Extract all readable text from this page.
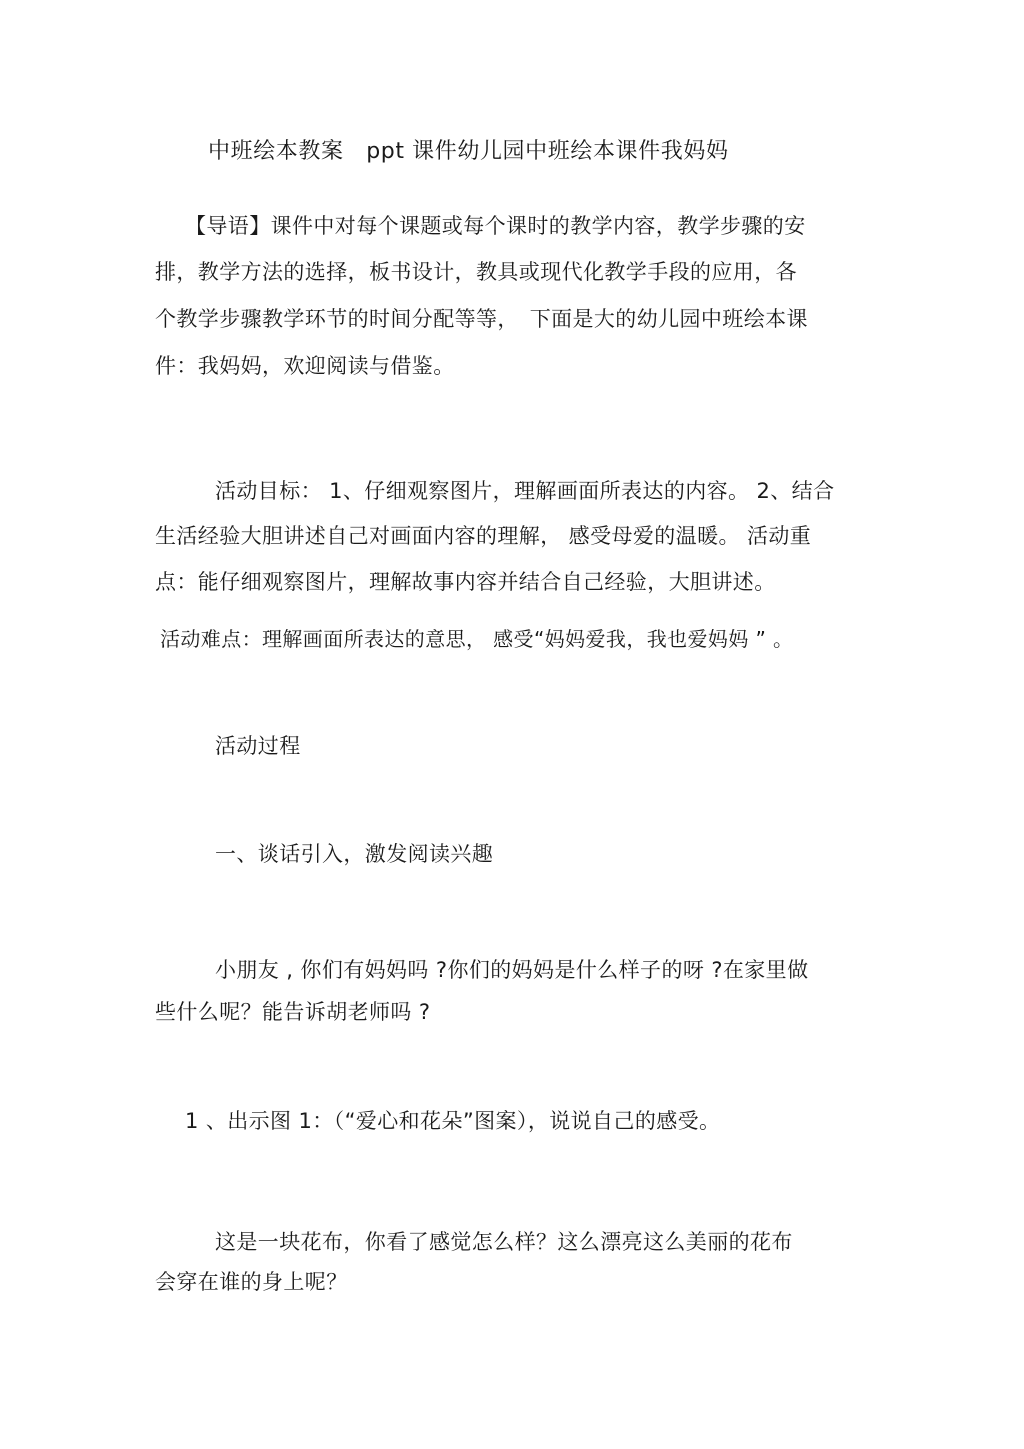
中班绘本教案　ppt 课件幼儿园中班绘本课件我妈妈
【导语】课件中对每个课题或每个课时的教学内容，教学步骤的安
排，教学方法的选择，板书设计，教具或现代化教学手段的应用，各
个教学步骤教学环节的时间分配等等，　下面是大的幼儿园中班绘本课
件：我妈妈，欢迎阅读与借鉴。
活动目标： 1、仔细观察图片，理解画面所表达的内容。 2、结合
生活经验大胆讲述自己对画面内容的理解， 感受母爱的温暖。 活动重
点：能仔细观察图片，理解故事内容并结合自己经验，大胆讲述。
活动难点：理解画面所表达的意思， 感受“妈妈爱我，我也爱妈妈 ” 。
活动过程
一、谈话引入，激发阅读兴趣
小朋友 , 你们有妈妈吗 ?你们的妈妈是什么样子的呀 ?在家里做
些什么呢？能告诉胡老师吗 ?
1 、出示图 1：（“爱心和花朵”图案），说说自己的感受。
这是一块花布，你看了感觉怎么样？这么漂亮这么美丽的花布
会穿在谁的身上呢？
